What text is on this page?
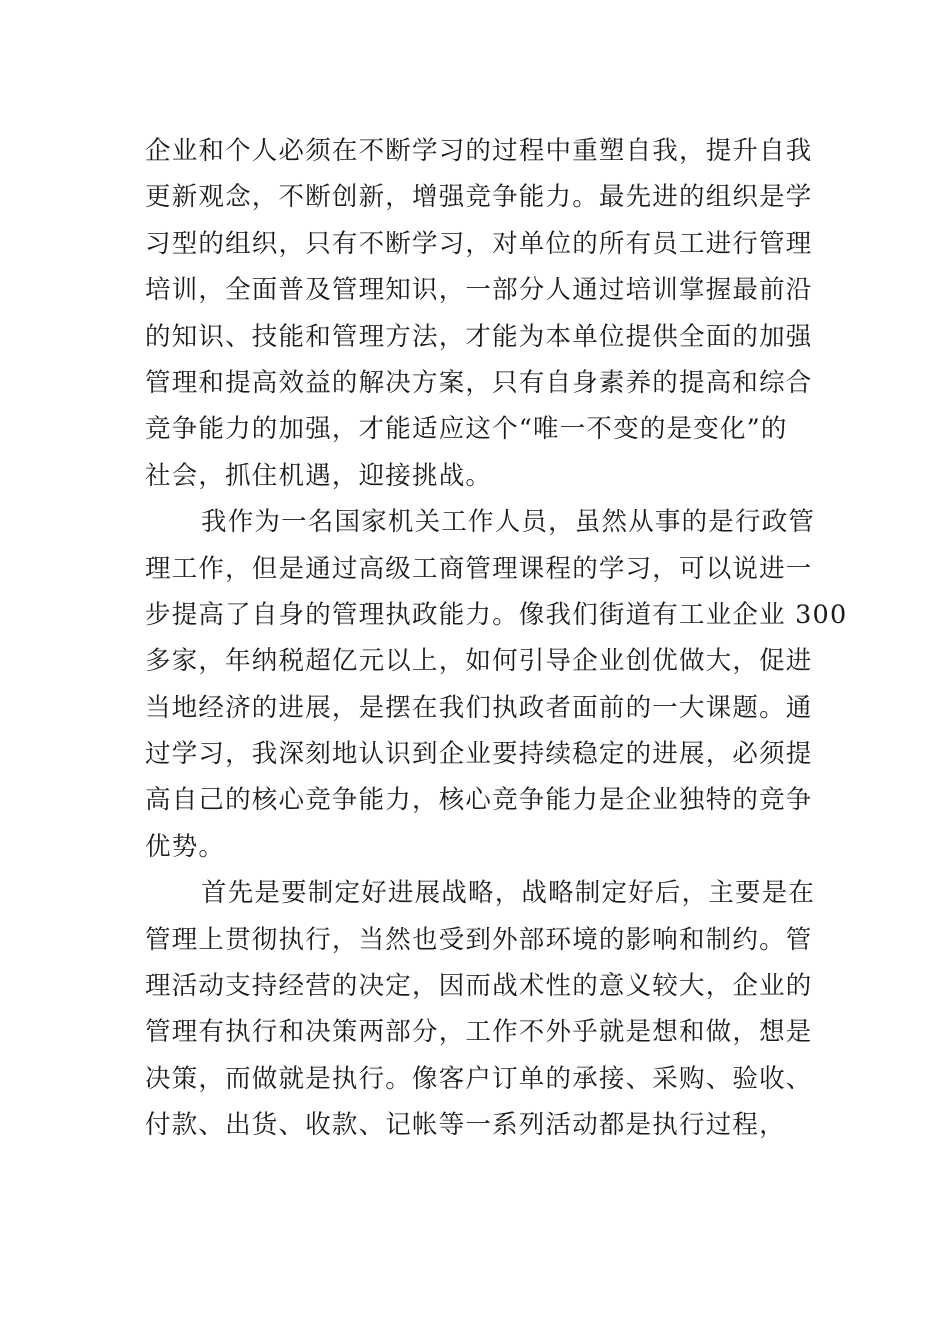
企业和个人必须在不断学习的过程中重塑自我，提升自我
更新观念，不断创新，增强竞争能力。最先进的组织是学
习型的组织，只有不断学习，对单位的所有员工进行管理
培训，全面普及管理知识，一部分人通过培训掌握最前沿
的知识、技能和管理方法，才能为本单位提供全面的加强
管理和提高效益的解决方案，只有自身素养的提高和综合
竞争能力的加强，才能适应这个“唯一不变的是变化”的
社会，抓住机遇，迎接挑战。
我作为一名国家机关工作人员，虽然从事的是行政管
理工作，但是通过高级工商管理课程的学习，可以说进一
步提高了自身的管理执政能力。像我们街道有工业企业 300
多家，年纳税超亿元以上，如何引导企业创优做大，促进
当地经济的进展，是摆在我们执政者面前的一大课题。通
过学习，我深刻地认识到企业要持续稳定的进展，必须提
高自己的核心竞争能力，核心竞争能力是企业独特的竞争
优势。
首先是要制定好进展战略，战略制定好后，主要是在
管理上贯彻执行，当然也受到外部环境的影响和制约。管
理活动支持经营的决定，因而战术性的意义较大，企业的
管理有执行和决策两部分，工作不外乎就是想和做，想是
决策，而做就是执行。像客户订单的承接、采购、验收、
付款、出货、收款、记帐等一系列活动都是执行过程，
